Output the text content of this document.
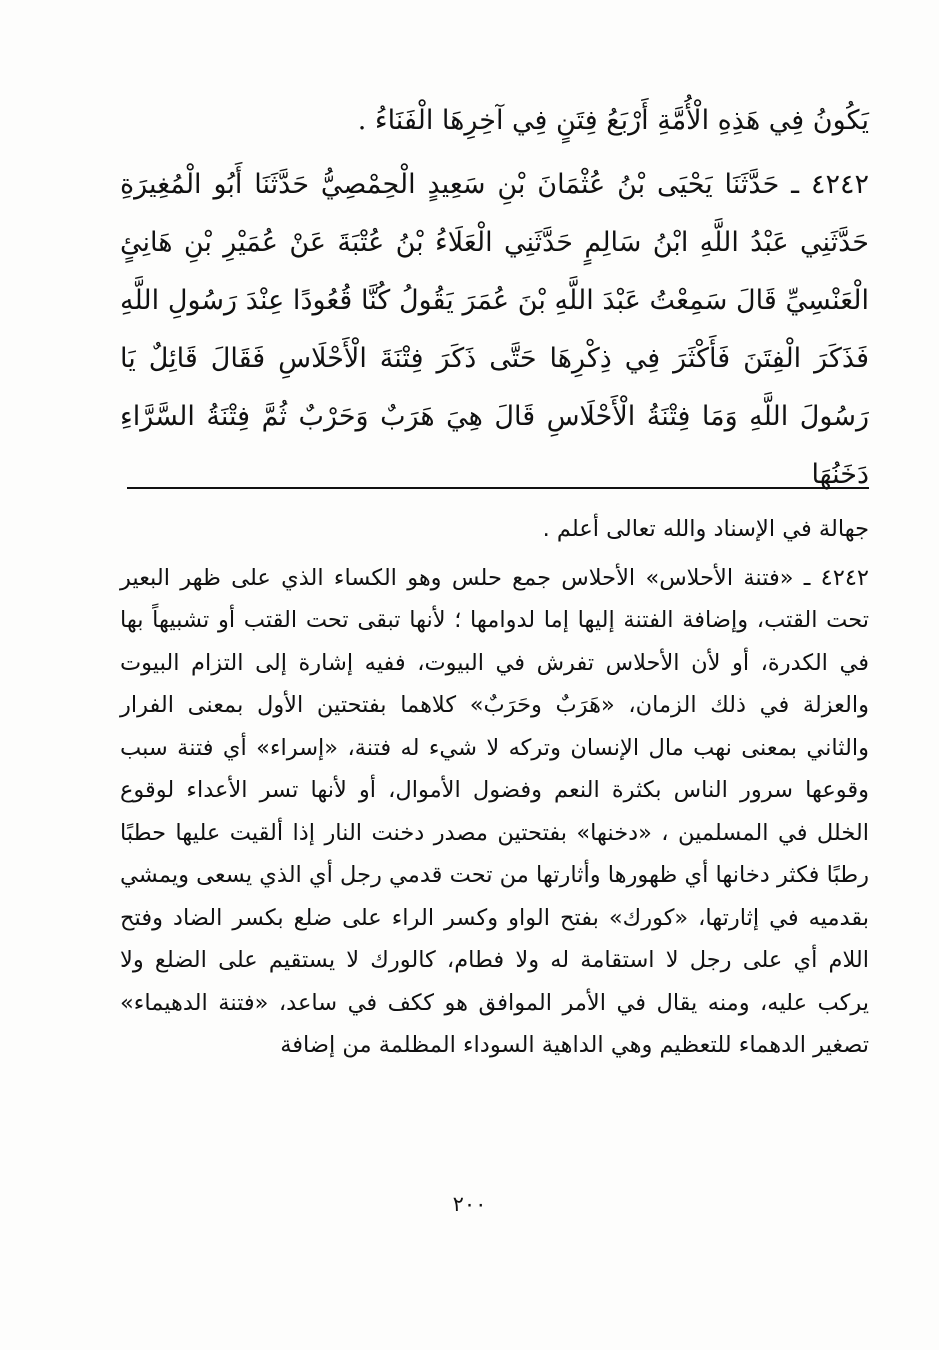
يَكُونُ فِي هَذِهِ الْأُمَّةِ أَرْبَعُ فِتَنٍ فِي آخِرِهَا الْفَنَاءُ .

٤٢٤٢ ـ حَدَّثَنَا يَحْيَى بْنُ عُثْمَانَ بْنِ سَعِيدٍ الْحِمْصِيُّ حَدَّثَنَا أَبُو الْمُغِيرَةِ حَدَّثَنِي عَبْدُ اللَّهِ ابْنُ سَالِمٍ حَدَّثَنِي الْعَلَاءُ بْنُ عُتْبَةَ عَنْ عُمَيْرِ بْنِ هَانِئٍ الْعَنْسِيِّ قَالَ سَمِعْتُ عَبْدَ اللَّهِ بْنَ عُمَرَ يَقُولُ كُنَّا قُعُودًا عِنْدَ رَسُولِ اللَّهِ فَذَكَرَ الْفِتَنَ فَأَكْثَرَ فِي ذِكْرِهَا حَتَّى ذَكَرَ فِتْنَةَ الْأَحْلَاسِ فَقَالَ قَائِلٌ يَا رَسُولَ اللَّهِ وَمَا فِتْنَةُ الْأَحْلَاسِ قَالَ هِيَ هَرَبٌ وَحَرْبٌ ثُمَّ فِتْنَةُ السَّرَّاءِ دَخَنُهَا

جهالة في الإسناد والله تعالى أعلم .

٤٢٤٢ ـ «فتنة الأحلاس» الأحلاس جمع حلس وهو الكساء الذي على ظهر البعير تحت القتب، وإضافة الفتنة إليها إما لدوامها ؛ لأنها تبقى تحت القتب أو تشبيهاً بها في الكدرة، أو لأن الأحلاس تفرش في البيوت، ففيه إشارة إلى التزام البيوت والعزلة في ذلك الزمان، «هَرَبٌ وحَرَبٌ» كلاهما بفتحتين الأول بمعنى الفرار والثاني بمعنى نهب مال الإنسان وتركه لا شيء له فتنة، «إسراء» أي فتنة سبب وقوعها سرور الناس بكثرة النعم وفضول الأموال، أو لأنها تسر الأعداء لوقوع الخلل في المسلمين ، «دخنها» بفتحتين مصدر دخنت النار إذا ألقيت عليها حطبًا رطبًا فكثر دخانها أي ظهورها وأثارتها من تحت قدمي رجل أي الذي يسعى ويمشي بقدميه في إثارتها، «كورك» بفتح الواو وكسر الراء على ضلع بكسر الضاد وفتح اللام أي على رجل لا استقامة له ولا فطام، كالورك لا يستقيم على الضلع ولا يركب عليه، ومنه يقال في الأمر الموافق هو ككف في ساعد، «فتنة الدهيماء» تصغير الدهماء للتعظيم وهي الداهية السوداء المظلمة من إضافة

٢٠٠
